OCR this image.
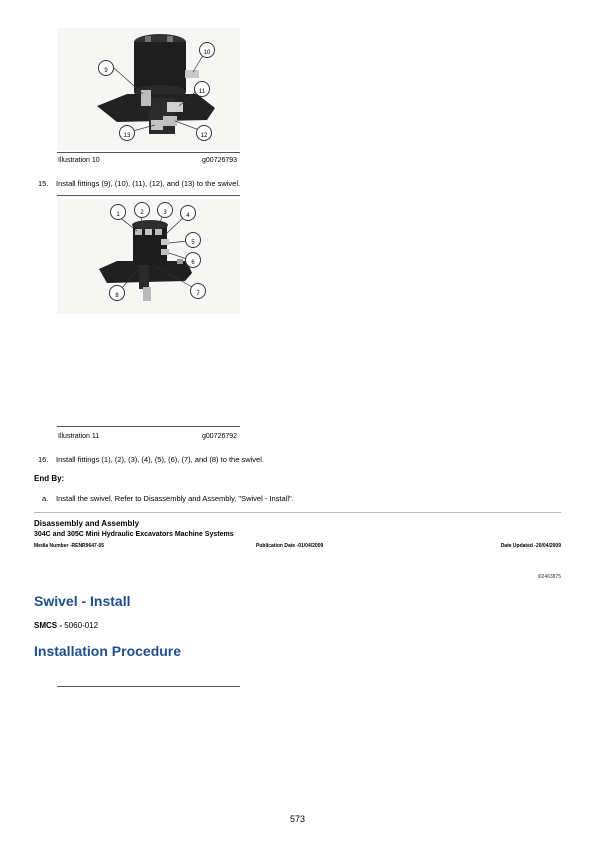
9
10
11
12
13
Illustration 10	g00726793
15. Install fittings (9), (10), (11), (12), and (13) to the swivel.
1	2	3	4
5
6
7
8
Illustration 11	g00726792
16. Install fittings (1), (2), (3), (4), (5), (6), (7), and (8) to the swivel.
End By:
a. Install the swivel. Refer to Disassembly and Assembly, "Swivel - Install".
Disassembly and Assembly
304C and 305C Mini Hydraulic Excavators Machine Systems
Media Number -RENR9647-05	Publication Date -01/04/2009	Date Updated -20/04/2009
i02463875
Swivel - Install
SMCS - 5060-012
Installation Procedure
573
